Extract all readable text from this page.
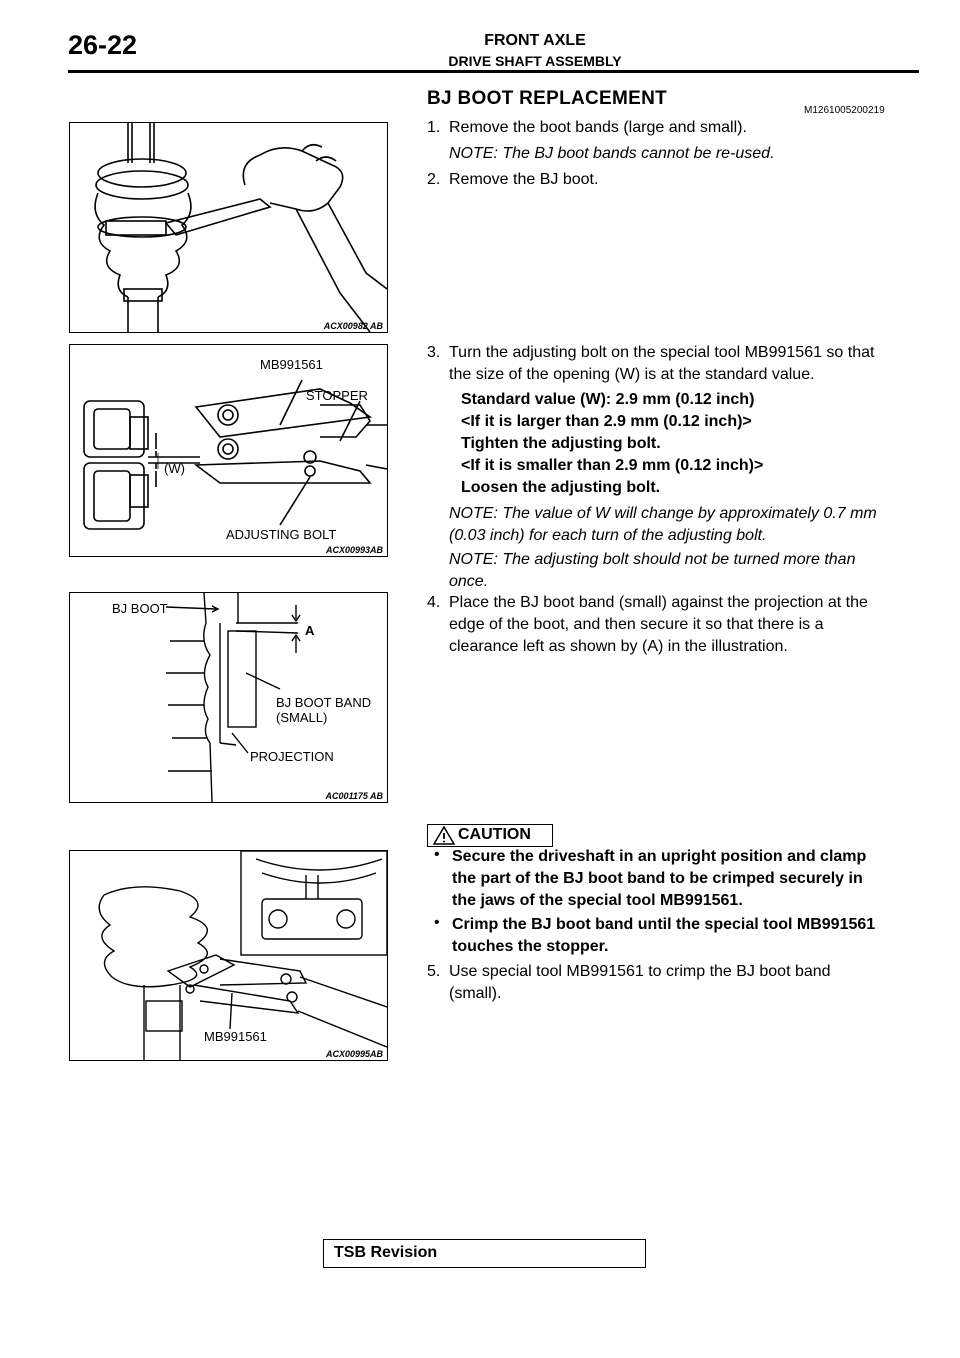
26-22	FRONT AXLE
DRIVE SHAFT ASSEMBLY
BJ BOOT REPLACEMENT
M1261005200219
ACX00982 AB
MB991561
STOPPER
(W)
ADJUSTING BOLT
ACX00993AB
BJ BOOT
A
BJ BOOT BAND
(SMALL)
PROJECTION
AC001175 AB
MB991561
ACX00995AB
1. Remove the boot bands (large and small).
NOTE: The BJ boot bands cannot be re-used.
2. Remove the BJ boot.
3. Turn the adjusting bolt on the special tool MB991561 so that
the size of the opening (W) is at the standard value.
Standard value (W): 2.9 mm (0.12 inch)
<If it is larger than 2.9 mm (0.12 inch)>
Tighten the adjusting bolt.
<If it is smaller than 2.9 mm (0.12 inch)>
Loosen the adjusting bolt.
NOTE: The value of W will change by approximately 0.7 mm
(0.03 inch) for each turn of the adjusting bolt.
NOTE: The adjusting bolt should not be turned more than
once.
4. Place the BJ boot band (small) against the projection at the
edge of the boot, and then secure it so that there is a
clearance left as shown by (A) in the illustration.
CAUTION
• Secure the driveshaft in an upright position and clamp
the part of the BJ boot band to be crimped securely in
the jaws of the special tool MB991561.
• Crimp the BJ boot band until the special tool MB991561
touches the stopper.
5. Use special tool MB991561 to crimp the BJ boot band
(small).
TSB Revision
